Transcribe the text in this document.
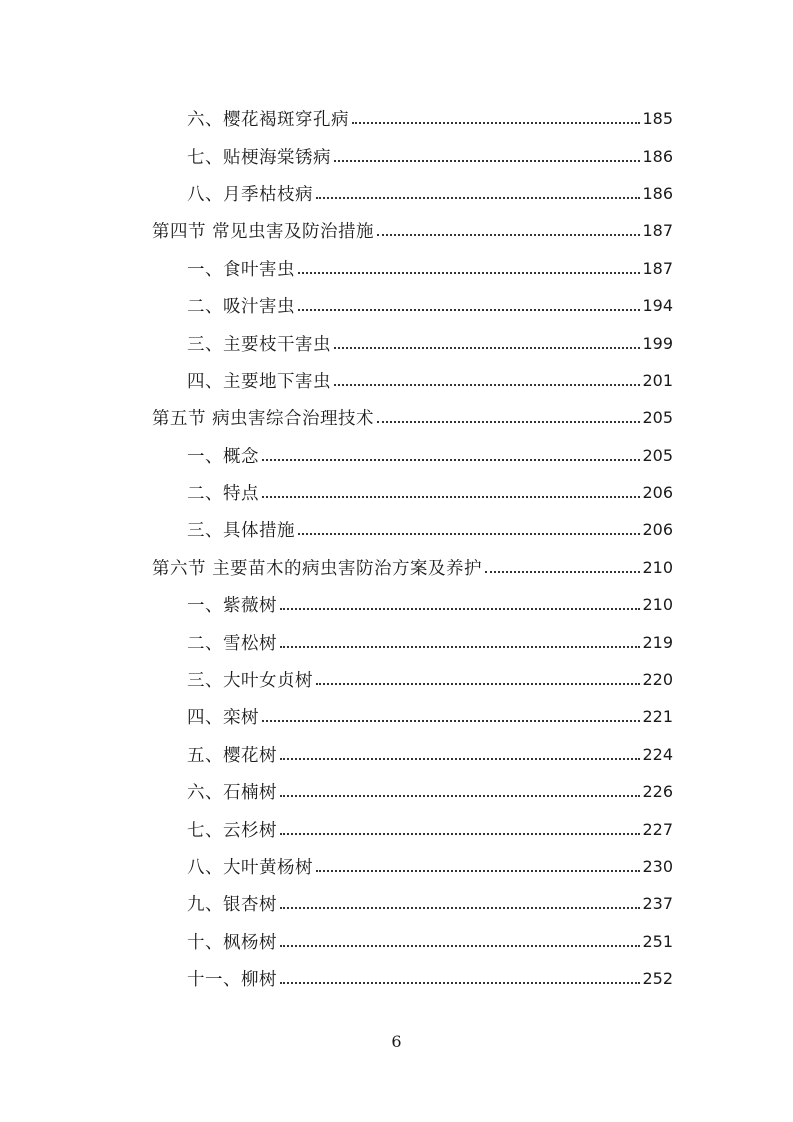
六、樱花褐斑穿孔病	185
七、贴梗海棠锈病	186
八、月季枯枝病	186
第四节 常见虫害及防治措施	187
一、食叶害虫	187
二、吸汁害虫	194
三、主要枝干害虫	199
四、主要地下害虫	201
第五节 病虫害综合治理技术	205
一、概念	205
二、特点	206
三、具体措施	206
第六节 主要苗木的病虫害防治方案及养护	210
一、紫薇树	210
二、雪松树	219
三、大叶女贞树	220
四、栾树	221
五、樱花树	224
六、石楠树	226
七、云杉树	227
八、大叶黄杨树	230
九、银杏树	237
十、枫杨树	251
十一、柳树	252
6
